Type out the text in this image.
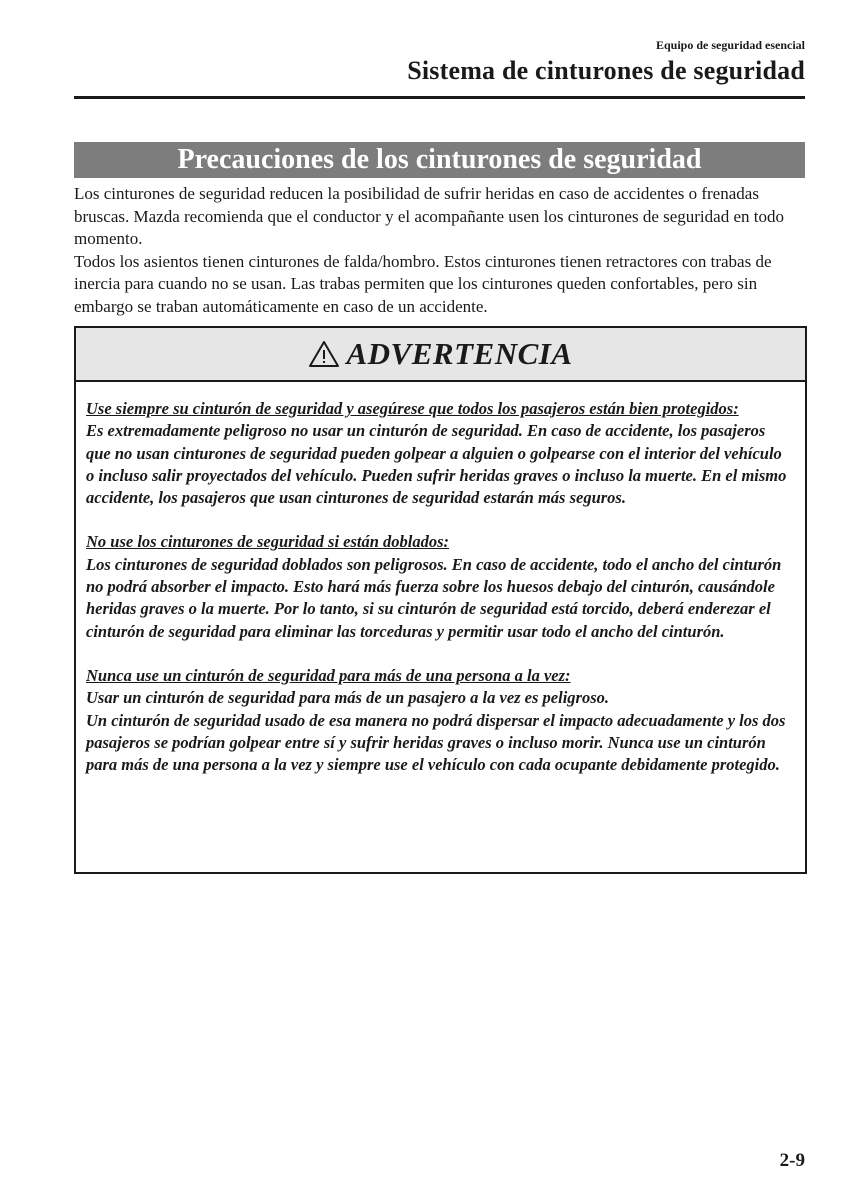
Equipo de seguridad esencial
Sistema de cinturones de seguridad
Precauciones de los cinturones de seguridad

Los cinturones de seguridad reducen la posibilidad de sufrir heridas en caso de accidentes o frenadas bruscas. Mazda recomienda que el conductor y el acompañante usen los cinturones de seguridad en todo momento.

Todos los asientos tienen cinturones de falda/hombro. Estos cinturones tienen retractores con trabas de inercia para cuando no se usan. Las trabas permiten que los cinturones queden confortables, pero sin embargo se traban automáticamente en caso de un accidente.

ADVERTENCIA
Use siempre su cinturón de seguridad y asegúrese que todos los pasajeros están bien protegidos:
Es extremadamente peligroso no usar un cinturón de seguridad. En caso de accidente, los pasajeros que no usan cinturones de seguridad pueden golpear a alguien o golpearse con el interior del vehículo o incluso salir proyectados del vehículo. Pueden sufrir heridas graves o incluso la muerte. En el mismo accidente, los pasajeros que usan cinturones de seguridad estarán más seguros.
No use los cinturones de seguridad si están doblados:
Los cinturones de seguridad doblados son peligrosos. En caso de accidente, todo el ancho del cinturón no podrá absorber el impacto. Esto hará más fuerza sobre los huesos debajo del cinturón, causándole heridas graves o la muerte. Por lo tanto, si su cinturón de seguridad está torcido, deberá enderezar el cinturón de seguridad para eliminar las torceduras y permitir usar todo el ancho del cinturón.
Nunca use un cinturón de seguridad para más de una persona a la vez:
Usar un cinturón de seguridad para más de un pasajero a la vez es peligroso.
Un cinturón de seguridad usado de esa manera no podrá dispersar el impacto adecuadamente y los dos pasajeros se podrían golpear entre sí y sufrir heridas graves o incluso morir. Nunca use un cinturón para más de una persona a la vez y siempre use el vehículo con cada ocupante debidamente protegido.
2-9
